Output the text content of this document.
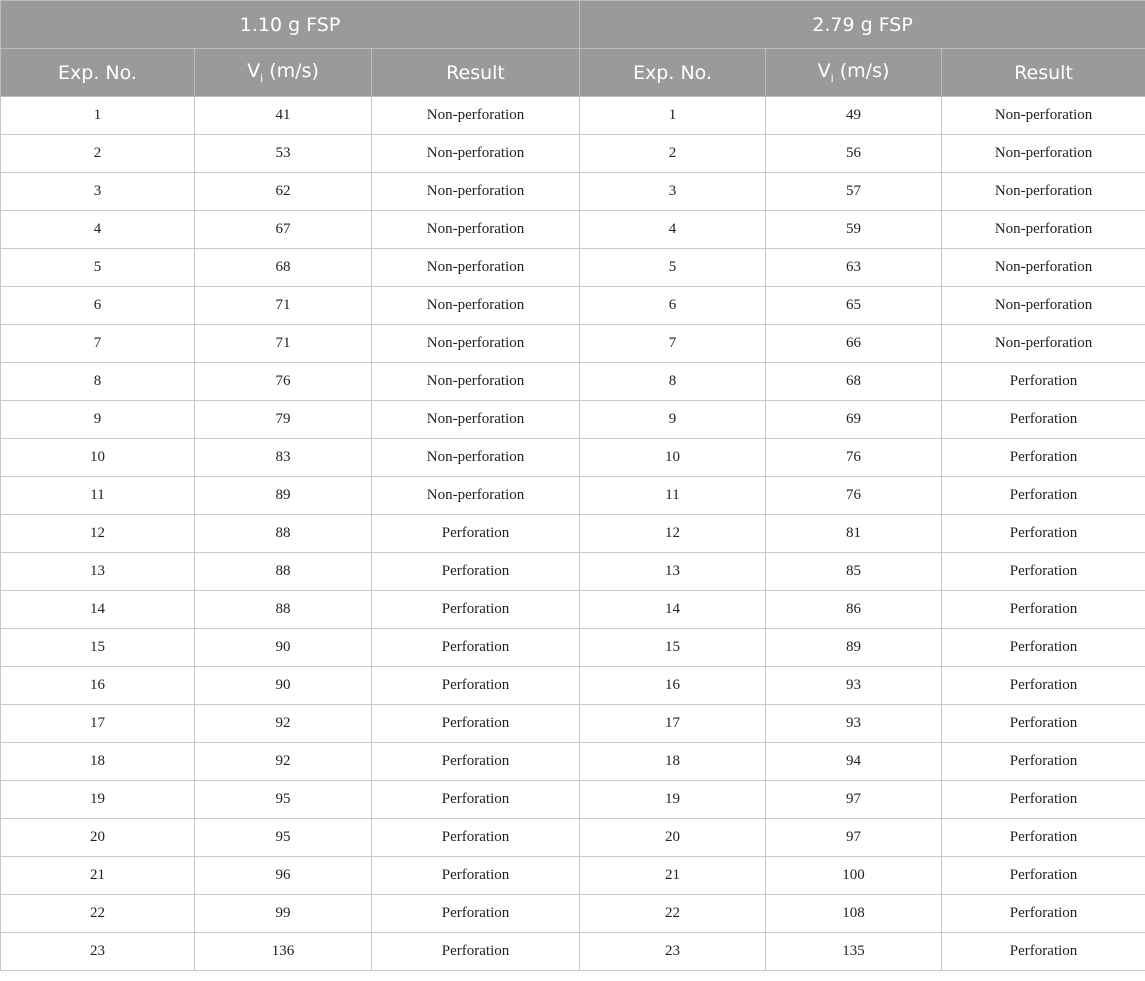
1.10 g FSP			2.79 g FSP		
Exp. No.	$V_i$ (m/s)	Result	Exp. No.	$V_i$ (m/s)	Result
1	41	Non-perforation	1	49	Non-perforation
2	53	Non-perforation	2	56	Non-perforation
3	62	Non-perforation	3	57	Non-perforation
4	67	Non-perforation	4	59	Non-perforation
5	68	Non-perforation	5	63	Non-perforation
6	71	Non-perforation	6	65	Non-perforation
7	71	Non-perforation	7	66	Non-perforation
8	76	Non-perforation	8	68	Perforation
9	79	Non-perforation	9	69	Perforation
10	83	Non-perforation	10	76	Perforation
11	89	Non-perforation	11	76	Perforation
12	88	Perforation	12	81	Perforation
13	88	Perforation	13	85	Perforation
14	88	Perforation	14	86	Perforation
15	90	Perforation	15	89	Perforation
16	90	Perforation	16	93	Perforation
17	92	Perforation	17	93	Perforation
18	92	Perforation	18	94	Perforation
19	95	Perforation	19	97	Perforation
20	95	Perforation	20	97	Perforation
21	96	Perforation	21	100	Perforation
22	99	Perforation	22	108	Perforation
23	136	Perforation	23	135	Perforation
